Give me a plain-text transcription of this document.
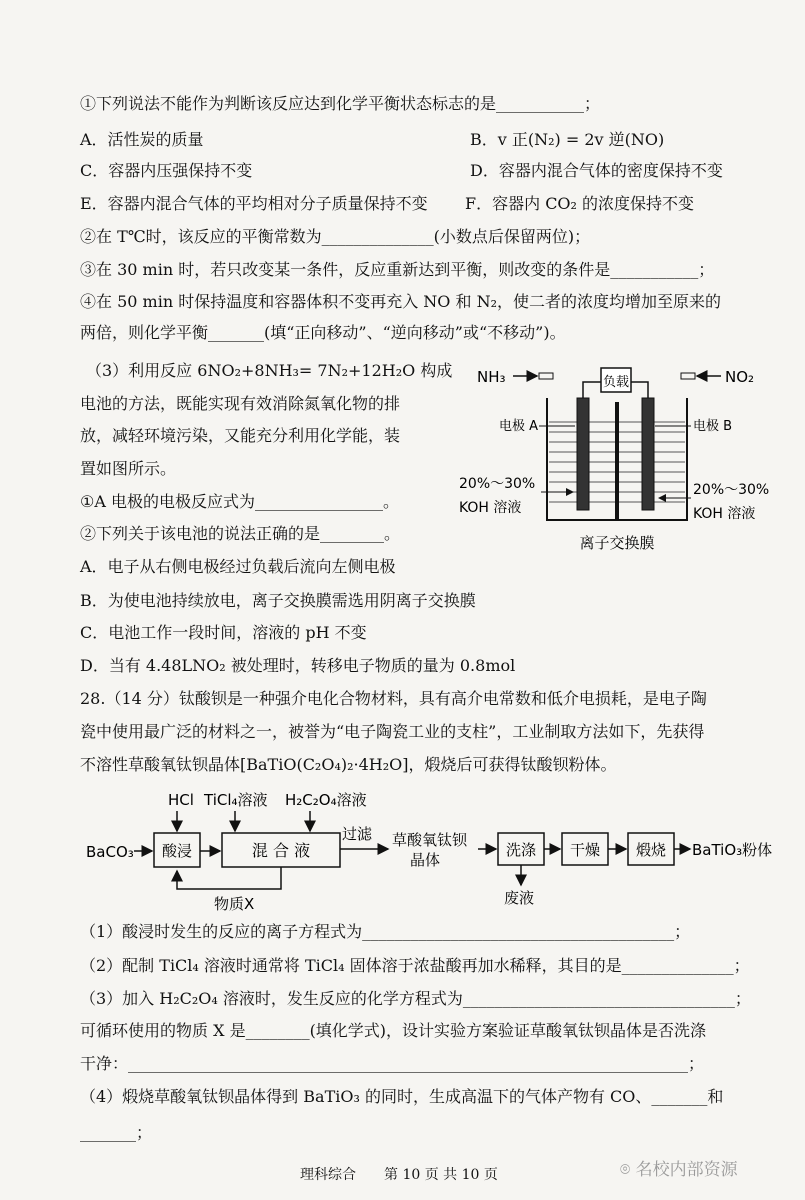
①下列说法不能作为判断该反应达到化学平衡状态标志的是___________；
A．活性炭的质量	B．v 正(N₂) = 2v 逆(NO)
C．容器内压强保持不变	D．容器内混合气体的密度保持不变
E．容器内混合气体的平均相对分子质量保持不变 F．容器内 CO₂ 的浓度保持不变
②在 T℃时，该反应的平衡常数为______________(小数点后保留两位)；
③在 30 min 时，若只改变某一条件，反应重新达到平衡，则改变的条件是___________；
④在 50 min 时保持温度和容器体积不变再充入 NO 和 N₂，使二者的浓度均增加至原来的
两倍，则化学平衡_______(填“正向移动”、“逆向移动”或“不移动”)。
（3）利用反应 6NO₂+8NH₃= 7N₂+12H₂O 构成
电池的方法，既能实现有效消除氮氧化物的排
放，减轻环境污染，又能充分利用化学能，装
置如图所示。
①A 电极的电极反应式为________________。
②下列关于该电池的说法正确的是________。
A．电子从右侧电极经过负载后流向左侧电极
B．为使电池持续放电，离子交换膜需选用阴离子交换膜
C．电池工作一段时间，溶液的 pH 不变
D．当有 4.48LNO₂ 被处理时，转移电子物质的量为 0.8mol
负载
NH₃	NO₂
电极 A	电极 B
20%～30%
KOH 溶液
20%～30%
KOH 溶液
离子交换膜
28.（14 分）钛酸钡是一种强介电化合物材料，具有高介电常数和低介电损耗，是电子陶
瓷中使用最广泛的材料之一，被誉为“电子陶瓷工业的支柱”，工业制取方法如下，先获得
不溶性草酸氧钛钡晶体[BaTiO(C₂O₄)₂·4H₂O]，煅烧后可获得钛酸钡粉体。
HCl TiCl₄溶液 H₂C₂O₄溶液
BaCO₃ 酸浸	混 合 液
过滤 草酸氧钛钡
晶体
洗涤 干燥 煅烧 BaTiO₃粉体
废液
物质X
（1）酸浸时发生的反应的离子方程式为_______________________________________；
（2）配制 TiCl₄ 溶液时通常将 TiCl₄ 固体溶于浓盐酸再加水稀释，其目的是______________；
（3）加入 H₂C₂O₄ 溶液时，发生反应的化学方程式为__________________________________；
可循环使用的物质 X 是________(填化学式)，设计实验方案验证草酸氧钛钡晶体是否洗涤
干净：______________________________________________________________________；
（4）煅烧草酸氧钛钡晶体得到 BaTiO₃ 的同时，生成高温下的气体产物有 CO、_______和
_______；
理科综合　　第 10 页 共 10 页	⌾ 名校内部资源
